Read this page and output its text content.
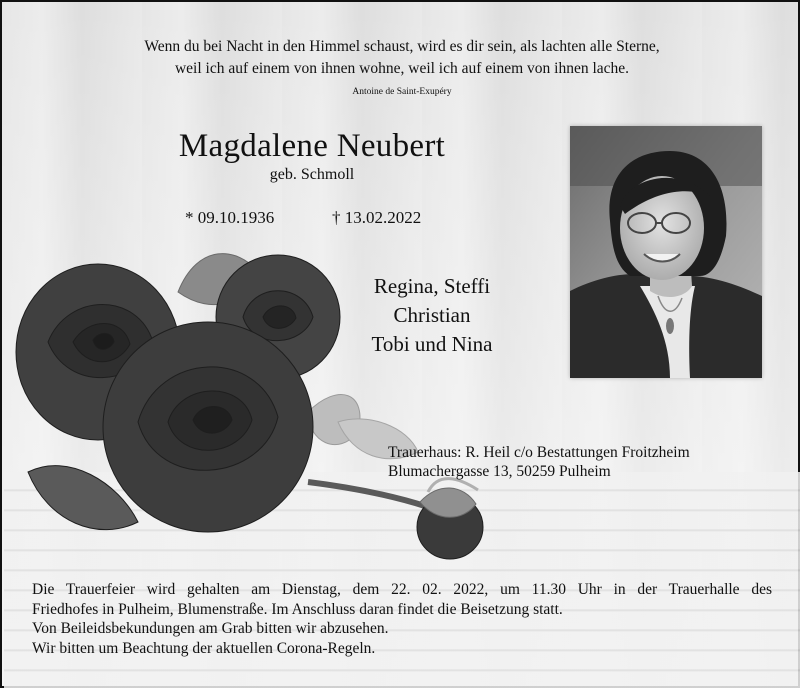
Wenn du bei Nacht in den Himmel schaust, wird es dir sein, als lachten alle Sterne,
weil ich auf einem von ihnen wohne, weil ich auf einem von ihnen lache.
Antoine de Saint-Exupéry
Magdalene Neubert
geb. Schmoll
* 09.10.1936	† 13.02.2022
Regina, Steffi
Christian
Tobi und Nina
Trauerhaus: R. Heil c/o Bestattungen Froitzheim
Blumachergasse 13, 50259 Pulheim
Die Trauerfeier wird gehalten am Dienstag, dem 22. 02. 2022, um 11.30 Uhr in der Trauerhalle des
Friedhofes in Pulheim, Blumenstraße. Im Anschluss daran findet die Beisetzung statt.
Von Beileidsbekundungen am Grab bitten wir abzusehen.
Wir bitten um Beachtung der aktuellen Corona-Regeln.
